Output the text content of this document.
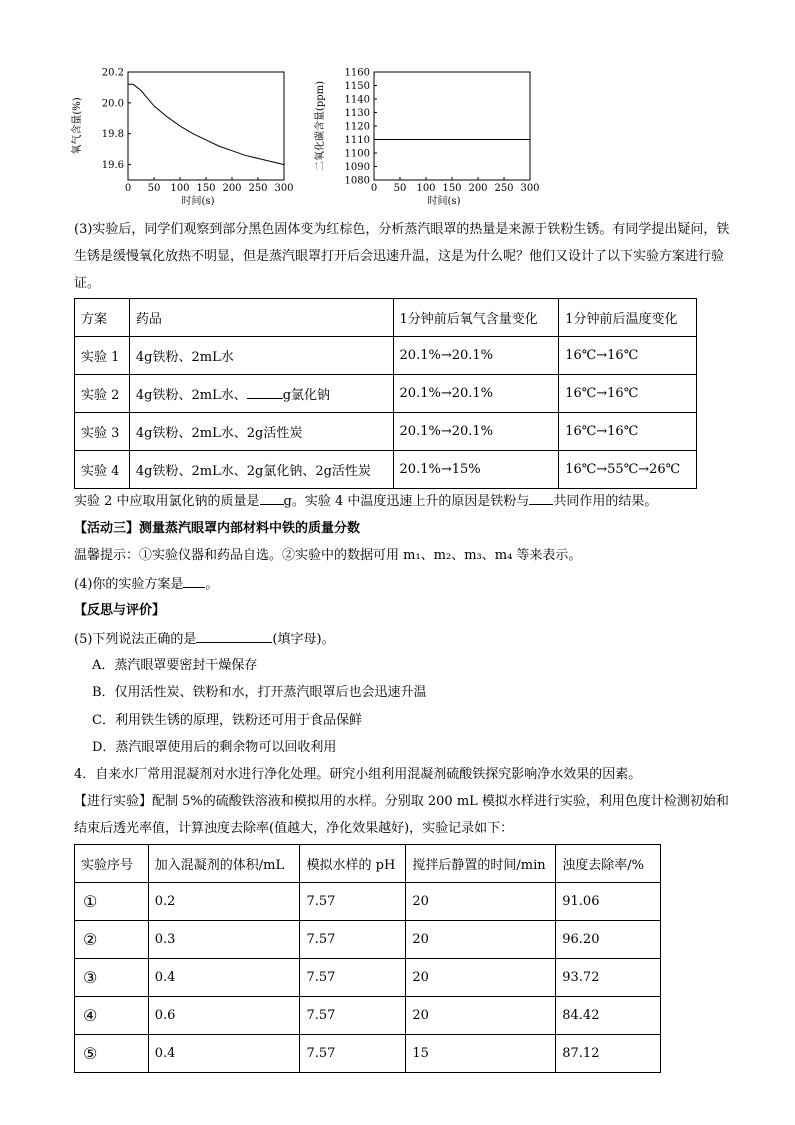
0 50 100 150 200 250 300
19.6
19.8
20.0
20.2
时间(s)
氧气含量(%)
0 50 100 150 200 250 300
1080
1090
1100
1110
1120
1130
1140
1150
1160
时间(s)
二氧化碳含量(ppm)
(3)实验后，同学们观察到部分黑色固体变为红棕色，分析蒸汽眼罩的热量是来源于铁粉生锈。有同学提出疑问，铁生锈是缓慢氧化放热不明显，但是蒸汽眼罩打开后会迅速升温，这是为什么呢？他们又设计了以下实验方案进行验证。
方案	药品	1分钟前后氧气含量变化	1分钟前后温度变化
实验 1	4g铁粉、2mL水	20.1%→20.1%	16℃→16℃
实验 2	4g铁粉、2mL水、 g氯化钠	20.1%→20.1%	16℃→16℃
实验 3	4g铁粉、2mL水、2g活性炭	20.1%→20.1%	16℃→16℃
实验 4	4g铁粉、2mL水、2g氯化钠、2g活性炭	20.1%→15%	16℃→55℃→26℃
实验 2 中应取用氯化钠的质量是 g。实验 4 中温度迅速上升的原因是铁粉与 共同作用的结果。
【活动三】测量蒸汽眼罩内部材料中铁的质量分数
温馨提示：①实验仪器和药品自选。②实验中的数据可用 m₁、m₂、m₃、m₄ 等来表示。
(4)你的实验方案是 。
【反思与评价】
(5)下列说法正确的是	(填字母)。
A．蒸汽眼罩要密封干燥保存
B．仅用活性炭、铁粉和水，打开蒸汽眼罩后也会迅速升温
C．利用铁生锈的原理，铁粉还可用于食品保鲜
D．蒸汽眼罩使用后的剩余物可以回收利用
4．自来水厂常用混凝剂对水进行净化处理。研究小组利用混凝剂硫酸铁探究影响净水效果的因素。
【进行实验】配制 5%的硫酸铁溶液和模拟用的水样。分别取 200 mL 模拟水样进行实验，利用色度计检测初始和结束后透光率值，计算浊度去除率(值越大，净化效果越好)，实验记录如下：
实验序号	加入混凝剂的体积/mL	模拟水样的 pH	搅拌后静置的时间/min	浊度去除率/%
①	0.2	7.57	20	91.06
②	0.3	7.57	20	96.20
③	0.4	7.57	20	93.72
④	0.6	7.57	20	84.42
⑤	0.4	7.57	15	87.12
